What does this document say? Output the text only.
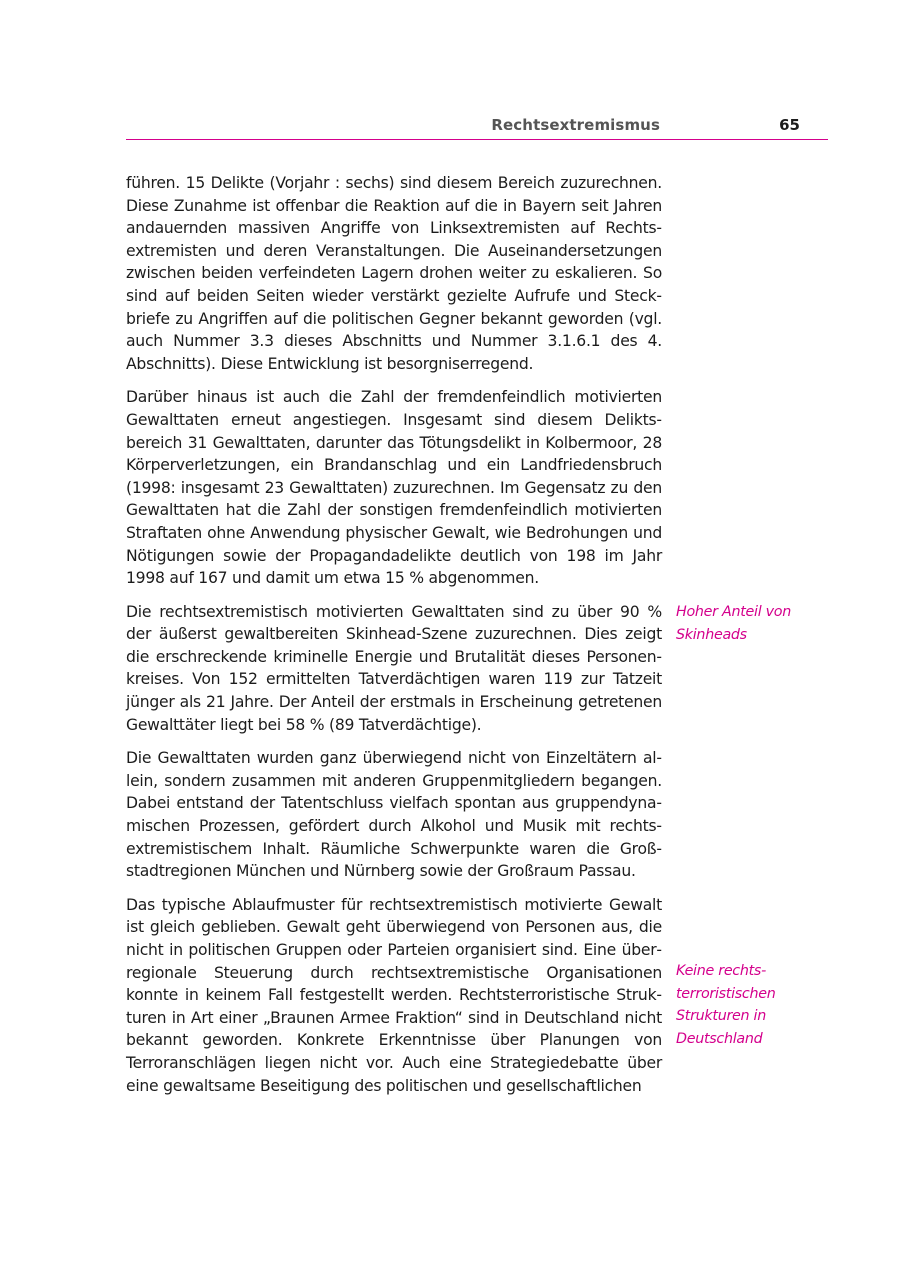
Rechtsextremismus	65

führen. 15 Delikte (Vorjahr : sechs) sind diesem Bereich zuzurechnen. Diese Zunahme ist offenbar die Reaktion auf die in Bayern seit Jahren andauernden massiven Angriffe von Linksextremisten auf Rechtsextremisten und deren Veranstaltungen. Die Auseinandersetzungen zwischen beiden verfeindeten Lagern drohen weiter zu eskalieren. So sind auf beiden Seiten wieder verstärkt gezielte Aufrufe und Steckbriefe zu Angriffen auf die politischen Gegner bekannt geworden (vgl. auch Nummer 3.3 dieses Abschnitts und Nummer 3.1.6.1 des 4. Abschnitts). Diese Entwicklung ist besorgniserregend.

Darüber hinaus ist auch die Zahl der fremdenfeindlich motivierten Gewalttaten erneut angestiegen. Insgesamt sind diesem Deliktsbereich 31 Gewalttaten, darunter das Tötungsdelikt in Kolbermoor, 28 Körperverletzungen, ein Brandanschlag und ein Landfriedensbruch (1998: insgesamt 23 Gewalttaten) zuzurechnen. Im Gegensatz zu den Gewalttaten hat die Zahl der sonstigen fremdenfeindlich motivierten Straftaten ohne Anwendung physischer Gewalt, wie Bedrohungen und Nötigungen sowie der Propagandadelikte deutlich von 198 im Jahr 1998 auf 167 und damit um etwa 15 % abgenommen.

Die rechtsextremistisch motivierten Gewalttaten sind zu über 90 % der äußerst gewaltbereiten Skinhead-Szene zuzurechnen. Dies zeigt die erschreckende kriminelle Energie und Brutalität dieses Personenkreises. Von 152 ermittelten Tatverdächtigen waren 119 zur Tatzeit jünger als 21 Jahre. Der Anteil der erstmals in Erscheinung getretenen Gewalttäter liegt bei 58 % (89 Tatverdächtige).

Die Gewalttaten wurden ganz überwiegend nicht von Einzeltätern allein, sondern zusammen mit anderen Gruppenmitgliedern begangen. Dabei entstand der Tatentschluss vielfach spontan aus gruppendynamischen Prozessen, gefördert durch Alkohol und Musik mit rechtsextremistischem Inhalt. Räumliche Schwerpunkte waren die Großstadtregionen München und Nürnberg sowie der Großraum Passau.

Das typische Ablaufmuster für rechtsextremistisch motivierte Gewalt ist gleich geblieben. Gewalt geht überwiegend von Personen aus, die nicht in politischen Gruppen oder Parteien organisiert sind. Eine überregionale Steuerung durch rechtsextremistische Organisationen konnte in keinem Fall festgestellt werden. Rechtsterroristische Strukturen in Art einer „Braunen Armee Fraktion“ sind in Deutschland nicht bekannt geworden. Konkrete Erkenntnisse über Planungen von Terroranschlägen liegen nicht vor. Auch eine Strategiedebatte über eine gewaltsame Beseitigung des politischen und gesellschaftlichen

Hoher Anteil von Skinheads
Keine rechtsterroristischen Strukturen in Deutschland
